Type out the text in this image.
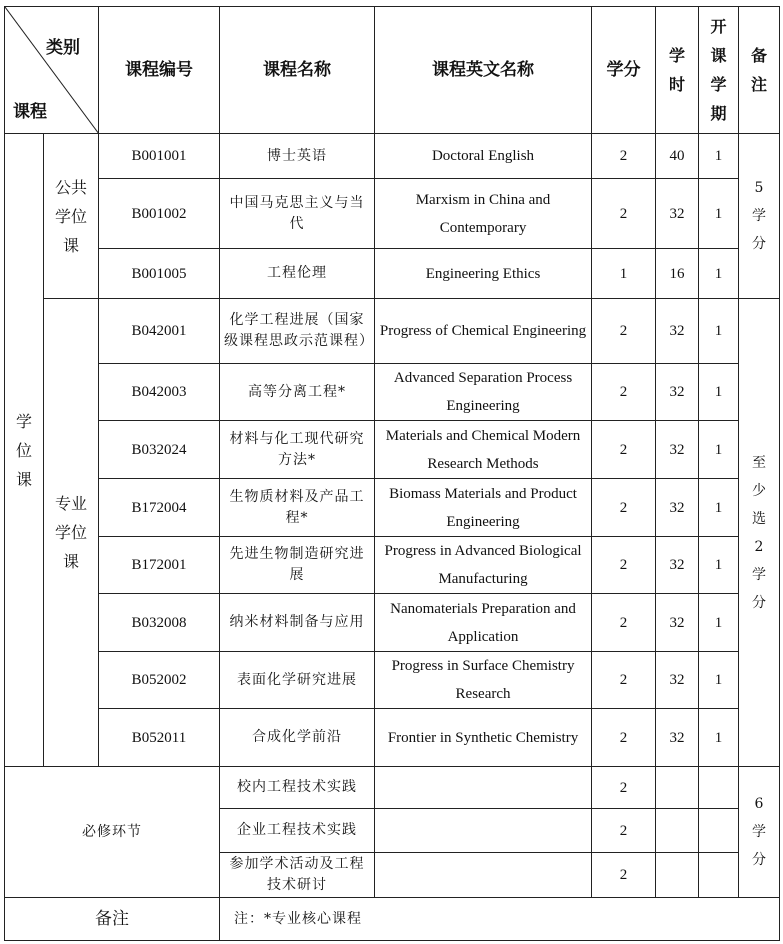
类别
课程		课程编号	课程名称	课程英文名称	学分	学时	开课学期	备注
学位课	公共学位课	B001001	博士英语	Doctoral English	2	40	1	5学分
		B001002	中国马克思主义与当代	Marxism in China and Contemporary	2	32	1	
		B001005	工程伦理	Engineering Ethics	1	16	1	
	专业学位课	B042001	化学工程进展（国家级课程思政示范课程）	Progress of Chemical Engineering	2	32	1	至少选2学分
		B042003	高等分离工程*	Advanced Separation Process Engineering	2	32	1	
		B032024	材料与化工现代研究方法*	Materials and Chemical Modern Research Methods	2	32	1	
		B172004	生物质材料及产品工程*	Biomass Materials and Product Engineering	2	32	1	
		B172001	先进生物制造研究进展	Progress in Advanced Biological Manufacturing	2	32	1	
		B032008	纳米材料制备与应用	Nanomaterials Preparation and Application	2	32	1	
		B052002	表面化学研究进展	Progress in Surface Chemistry Research	2	32	1	
		B052011	合成化学前沿	Frontier in Synthetic Chemistry	2	32	1	
必修环节			校内工程技术实践		2			6学分
			企业工程技术实践		2			
			参加学术活动及工程技术研讨		2			
备注			注：*专业核心课程					
